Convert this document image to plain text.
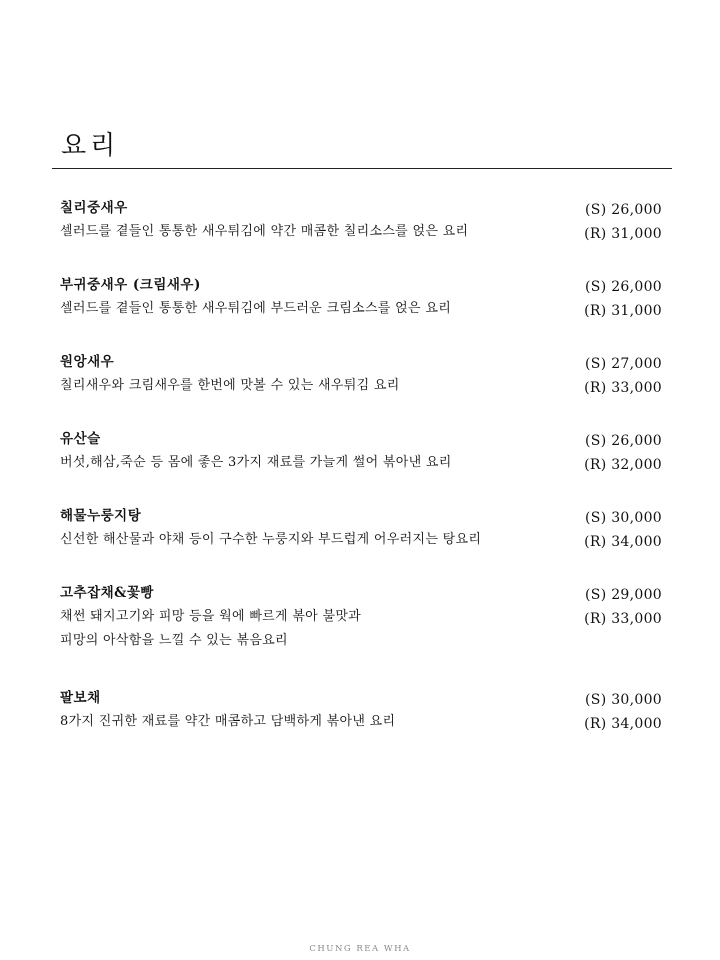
요리
칠리중새우
셀러드를 곁들인 통통한 새우튀김에 약간 매콤한 칠리소스를 얹은 요리
(S) 26,000
(R) 31,000
부귀중새우 (크림새우)
셀러드를 곁들인 통통한 새우튀김에 부드러운 크림소스를 얹은 요리
(S) 26,000
(R) 31,000
원앙새우
칠리새우와 크림새우를 한번에 맛볼 수 있는 새우튀김 요리
(S) 27,000
(R) 33,000
유산슬
버섯,해삼,죽순 등 몸에 좋은 3가지 재료를 가늘게 썰어 볶아낸 요리
(S) 26,000
(R) 32,000
해물누룽지탕
신선한 해산물과 야채 등이 구수한 누룽지와 부드럽게 어우러지는 탕요리
(S) 30,000
(R) 34,000
고추잡채&꽃빵
채썬 돼지고기와 피망 등을 웍에 빠르게 볶아 불맛과
피망의 아삭함을 느낄 수 있는 볶음요리
(S) 29,000
(R) 33,000
팔보채
8가지 진귀한 재료를 약간 매콤하고 담백하게 볶아낸 요리
(S) 30,000
(R) 34,000
CHUNG REA WHA
